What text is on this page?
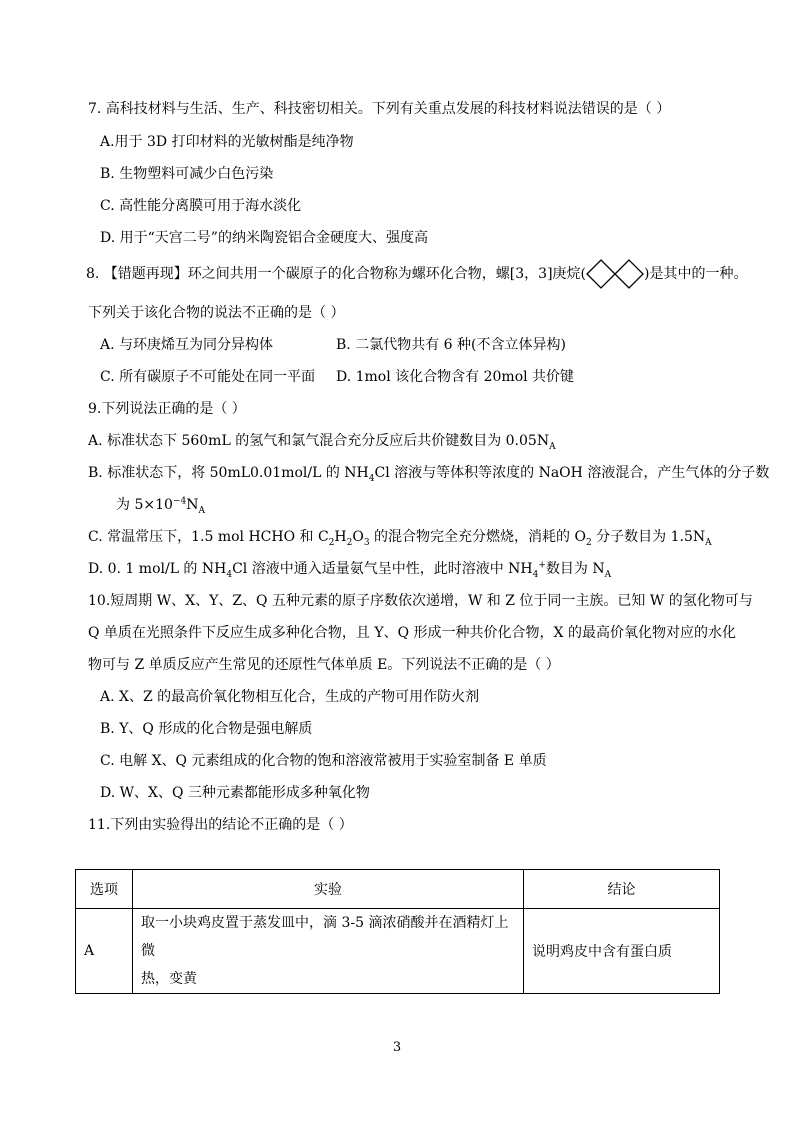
7. 高科技材料与生活、生产、科技密切相关。下列有关重点发展的科技材料说法错误的是（ ）
A.用于 3D 打印材料的光敏树酯是纯净物
B. 生物塑料可减少白色污染
C. 高性能分离膜可用于海水淡化
D. 用于“天宫二号”的纳米陶瓷铝合金硬度大、强度高
8. 【错题再现】环之间共用一个碳原子的化合物称为螺环化合物，螺[3，3]庚烷(	)是其中的一种。
下列关于该化合物的说法不正确的是（ ）
A. 与环庚烯互为同分异构体	B. 二氯代物共有 6 种(不含立体异构)
C. 所有碳原子不可能处在同一平面 D. 1mol 该化合物含有 20mol 共价键
9.下列说法正确的是（ ）
A. 标准状态下 560mL 的氢气和氯气混合充分反应后共价键数目为 $0.05N_A$
B. 标准状态下，将 50mL0.01mol/L 的 $NH_4Cl$ 溶液与等体积等浓度的 NaOH 溶液混合，产生气体的分子数
为 $5\times 10^{-4}N_A$
C. 常温常压下，1.5 mol HCHO 和 $C_2H_2O_3$ 的混合物完全充分燃烧，消耗的 $O_2$ 分子数目为 $1.5N_A$
D. 0. 1 mol/L 的 $NH_4Cl$ 溶液中通入适量氨气呈中性，此时溶液中 $NH_4^+$数目为 $N_A$
10.短周期 W、X、Y、Z、Q 五种元素的原子序数依次递增，W 和 Z 位于同一主族。已知 W 的氢化物可与
Q 单质在光照条件下反应生成多种化合物，且 Y、Q 形成一种共价化合物，X 的最高价氧化物对应的水化
物可与 Z 单质反应产生常见的还原性气体单质 E。下列说法不正确的是（ ）
A. X、Z 的最高价氧化物相互化合，生成的产物可用作防火剂
B. Y、Q 形成的化合物是强电解质
C. 电解 X、Q 元素组成的化合物的饱和溶液常被用于实验室制备 E 单质
D. W、X、Q 三种元素都能形成多种氧化物
11.下列由实验得出的结论不正确的是（ ）
选项	实验	结论
A	取一小块鸡皮置于蒸发皿中，滴 3-5 滴浓硝酸并在酒精灯上微
热，变黄	说明鸡皮中含有蛋白质
3
